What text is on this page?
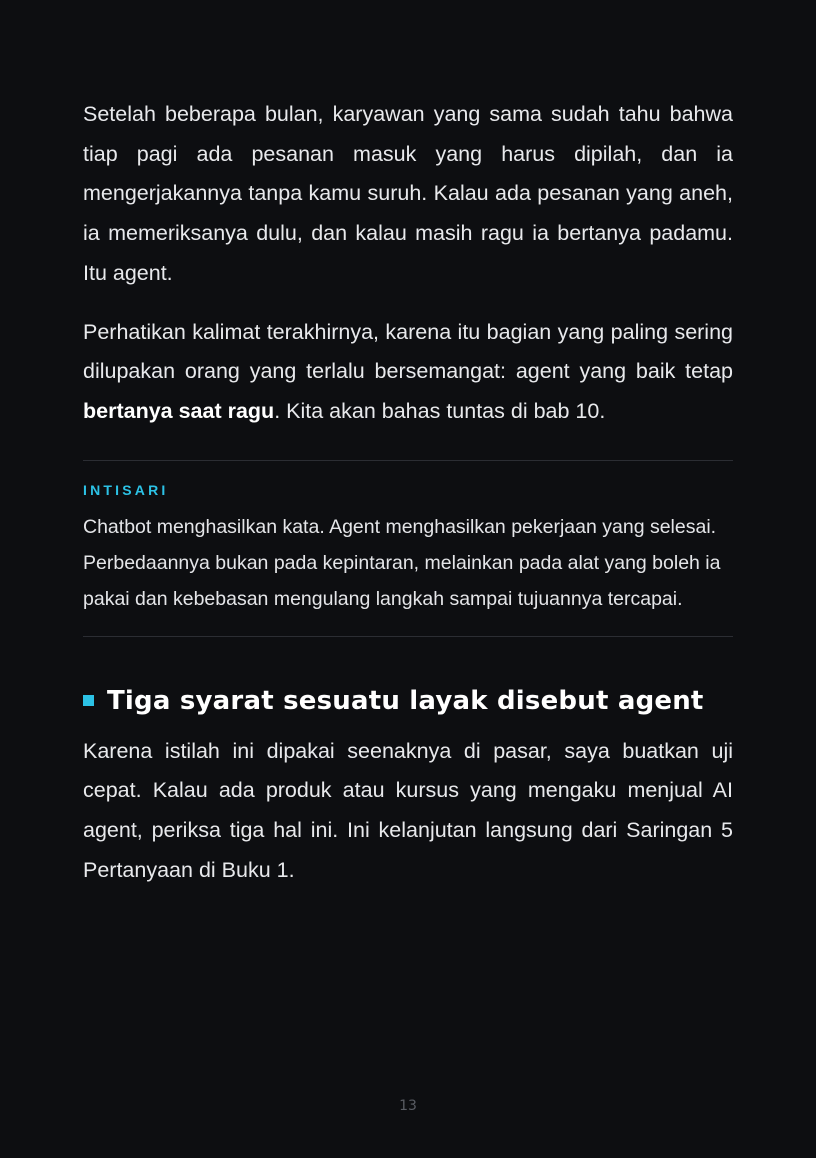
Setelah beberapa bulan, karyawan yang sama sudah tahu bahwa tiap pagi ada pesanan masuk yang harus dipilah, dan ia mengerjakannya tanpa kamu suruh. Kalau ada pesanan yang aneh, ia memeriksanya dulu, dan kalau masih ragu ia bertanya padamu. Itu agent.

Perhatikan kalimat terakhirnya, karena itu bagian yang paling sering dilupakan orang yang terlalu bersemangat: agent yang baik tetap bertanya saat ragu. Kita akan bahas tuntas di bab 10.

INTISARI

Chatbot menghasilkan kata. Agent menghasilkan pekerjaan yang selesai. Perbedaannya bukan pada kepintaran, melainkan pada alat yang boleh ia pakai dan kebebasan mengulang langkah sampai tujuannya tercapai.

Tiga syarat sesuatu layak disebut agent

Karena istilah ini dipakai seenaknya di pasar, saya buatkan uji cepat. Kalau ada produk atau kursus yang mengaku menjual AI agent, periksa tiga hal ini. Ini kelanjutan langsung dari Saringan 5 Pertanyaan di Buku 1.

13
